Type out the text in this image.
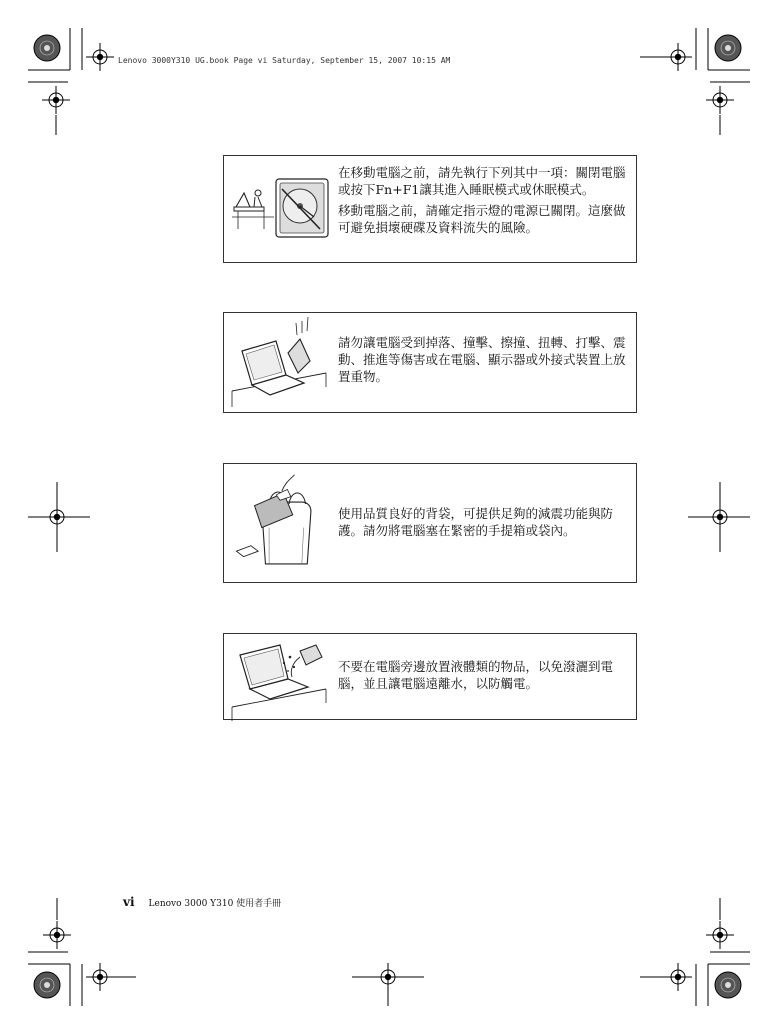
Lenovo 3000Y310 UG.book Page vi Saturday, September 15, 2007 10:15 AM

在移動電腦之前，請先執行下列其中一項：關閉電腦或按下Fn+F1讓其進入睡眠模式或休眠模式。

移動電腦之前，請確定指示燈的電源已關閉。這麼做可避免損壞硬碟及資料流失的風險。

請勿讓電腦受到掉落、撞擊、擦撞、扭轉、打擊、震動、推進等傷害或在電腦、顯示器或外接式裝置上放置重物。

使用品質良好的背袋，可提供足夠的減震功能與防護。請勿將電腦塞在緊密的手提箱或袋內。

不要在電腦旁邊放置液體類的物品，以免潑灑到電腦，並且讓電腦遠離水，以防觸電。

vi Lenovo 3000 Y310 使用者手冊
